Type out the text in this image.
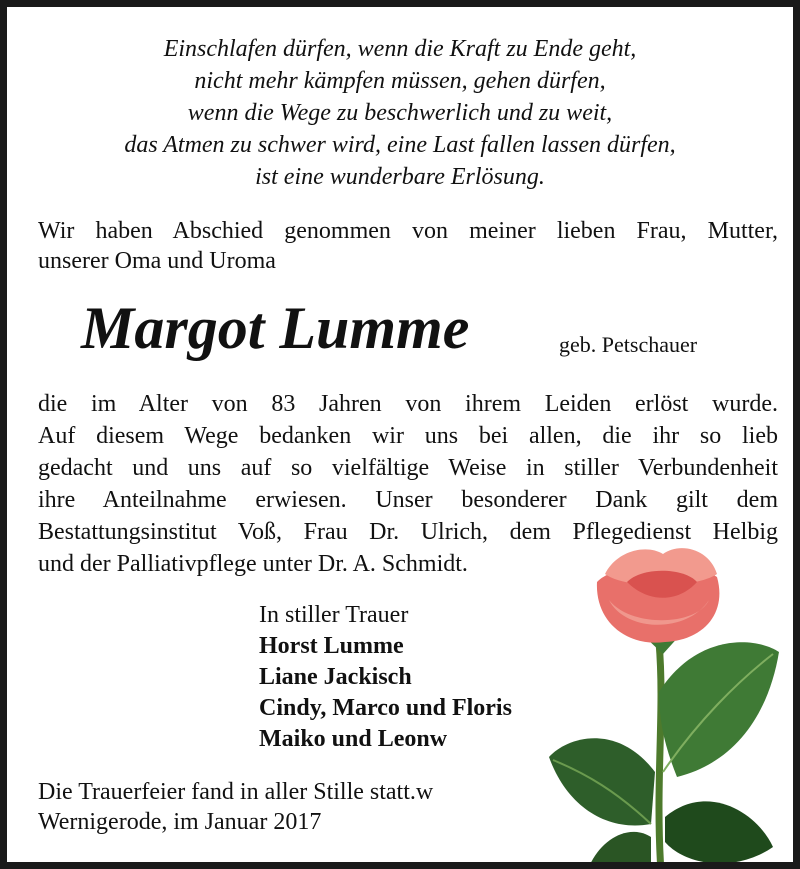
Einschlafen dürfen, wenn die Kraft zu Ende geht,
nicht mehr kämpfen müssen, gehen dürfen,
wenn die Wege zu beschwerlich und zu weit,
das Atmen zu schwer wird, eine Last fallen lassen dürfen,
ist eine wunderbare Erlösung.
Wir haben Abschied genommen von meiner lieben Frau, Mutter,
unserer Oma und Uroma
Margot Lumme	geb. Petschauer
die im Alter von 83 Jahren von ihrem Leiden erlöst wurde.
Auf diesem Wege bedanken wir uns bei allen, die ihr so lieb
gedacht und uns auf so vielfältige Weise in stiller Verbundenheit
ihre Anteilnahme erwiesen. Unser besonderer Dank gilt dem
Bestattungsinstitut Voß, Frau Dr. Ulrich, dem Pflegedienst Helbig
und der Palliativpflege unter Dr. A. Schmidt.
In stiller Trauer
Horst Lumme
Liane Jackisch
Cindy, Marco und Floris
Maiko und Leonw
Die Trauerfeier fand in aller Stille statt.w
Wernigerode, im Januar 2017
